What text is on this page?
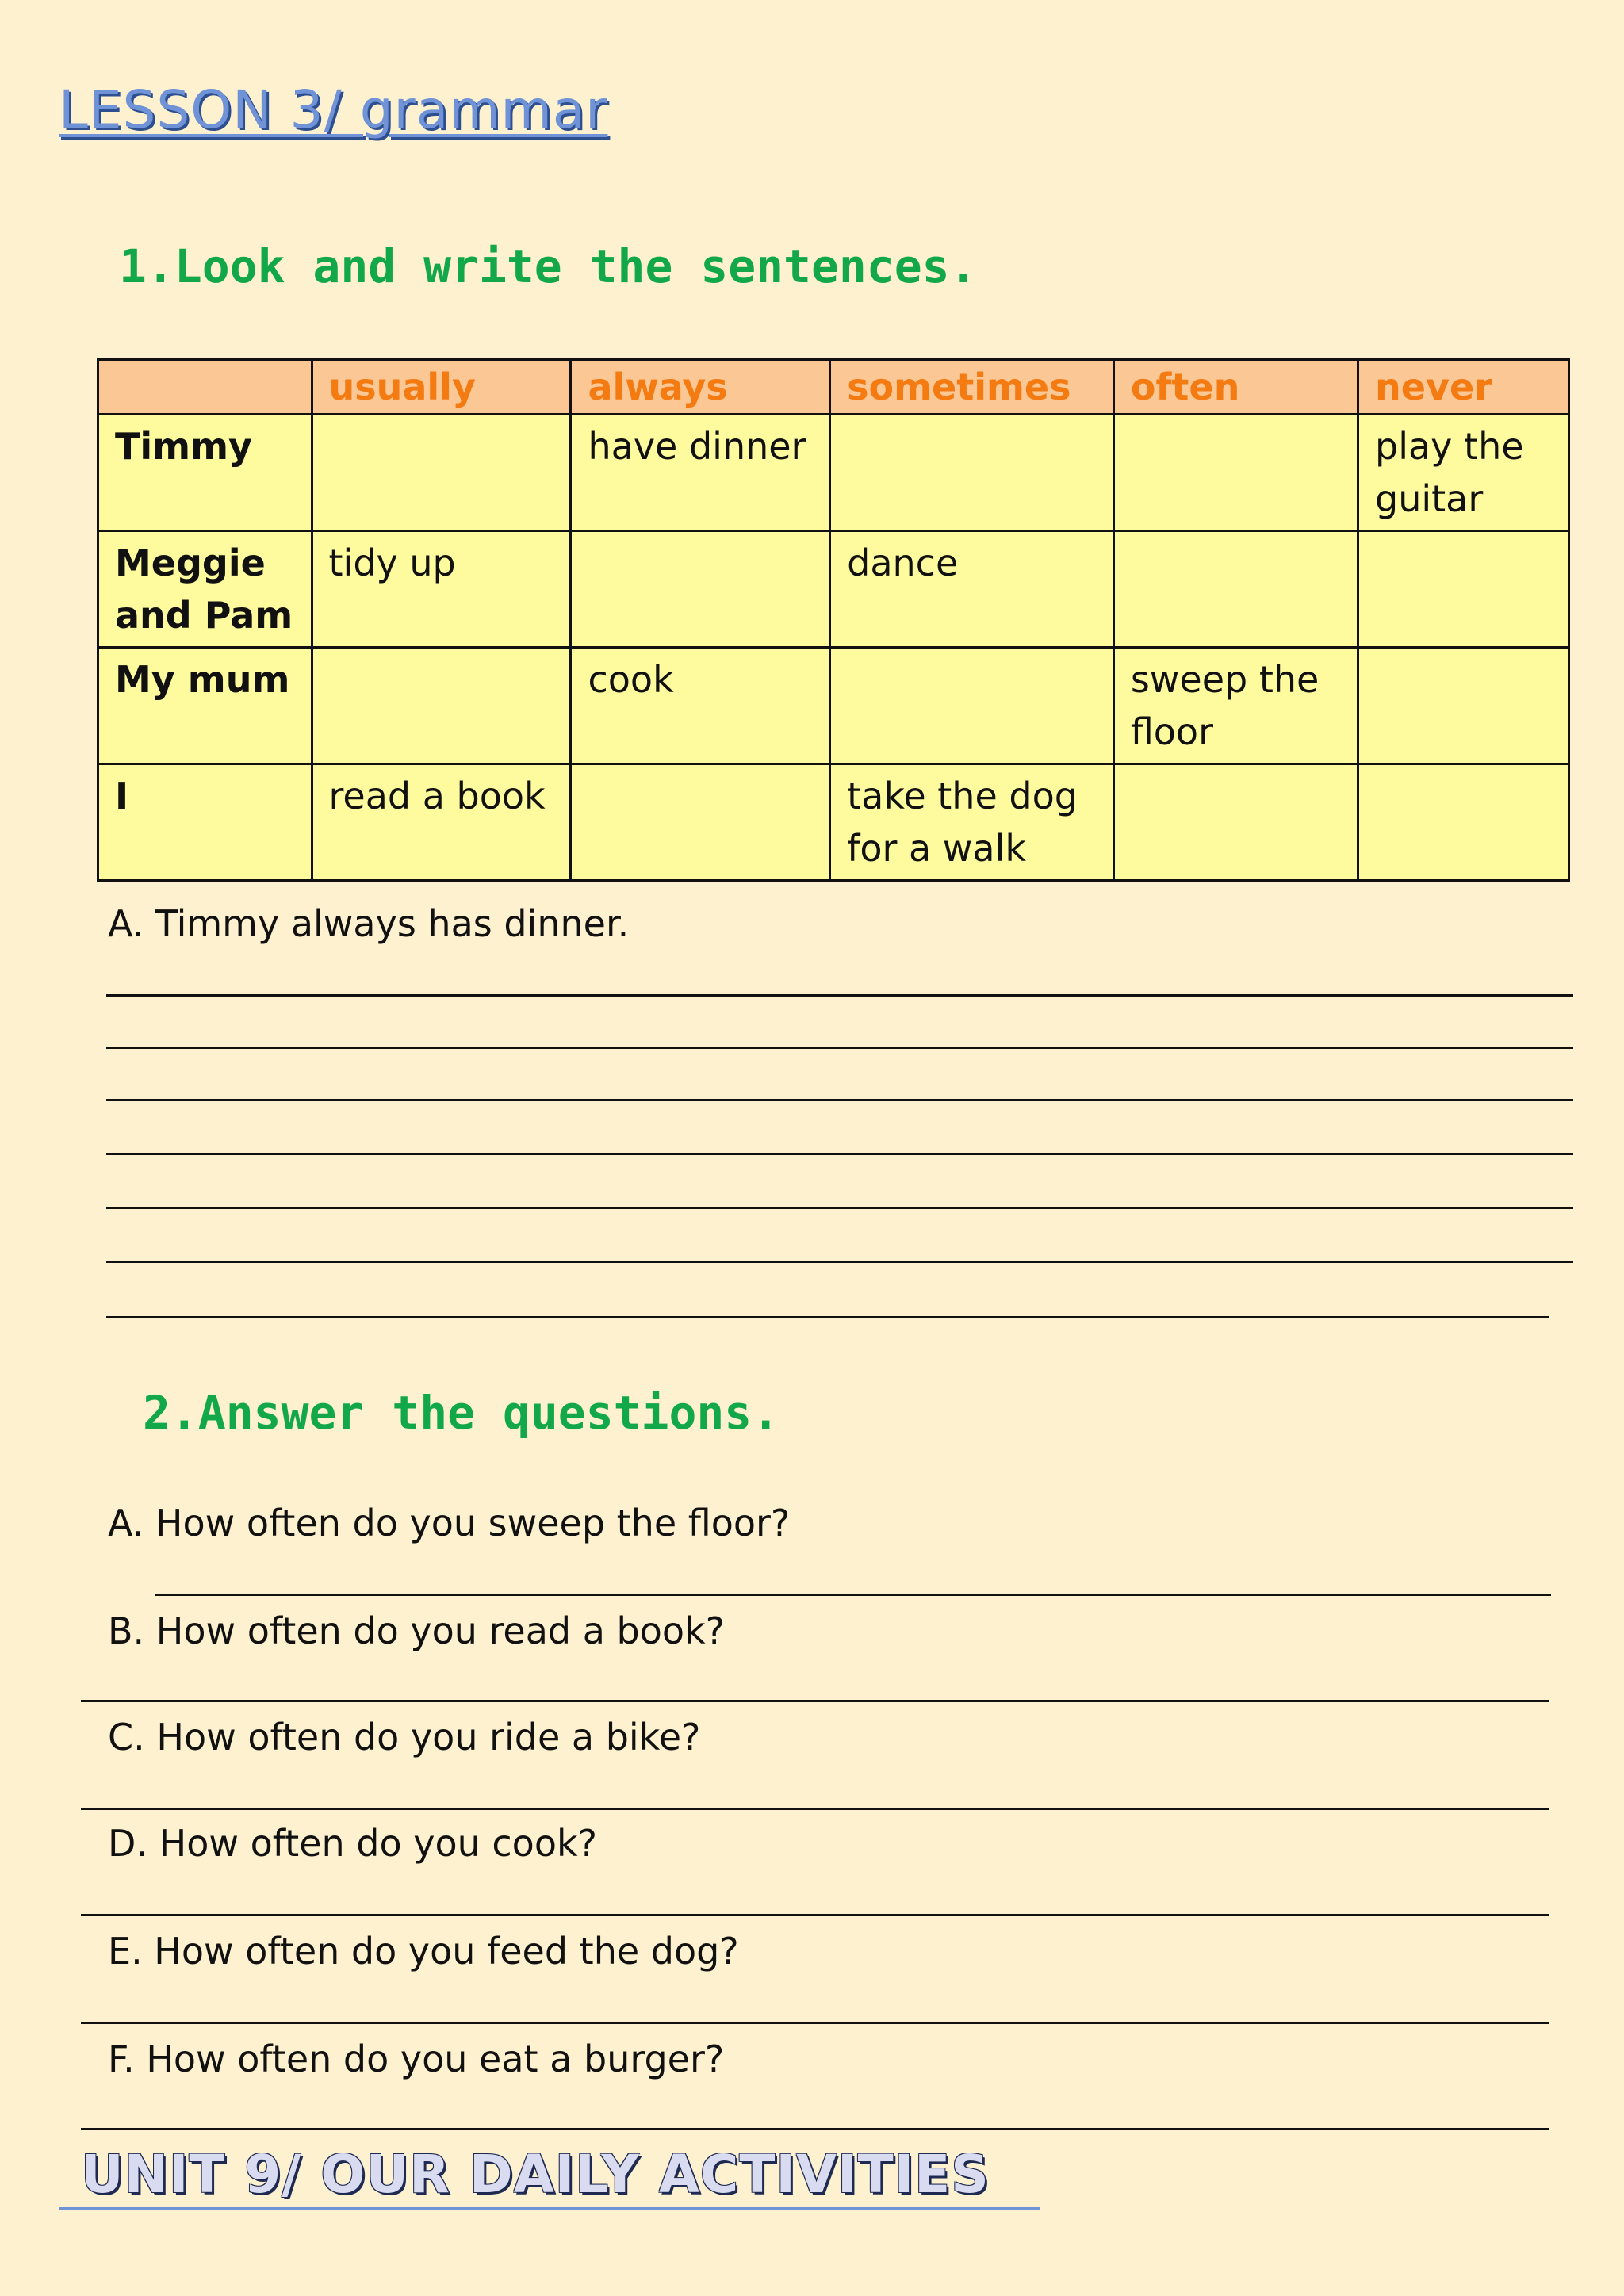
LESSON 3/ grammar
1.Look and write the sentences.
	usually	always	sometimes	often	never
Timmy		have dinner			play the guitar
Meggie and Pam	tidy up		dance		
My mum		cook		sweep the floor	
I	read a book		take the dog for a walk		
A. Timmy always has dinner.
2.Answer the questions.
A. How often do you sweep the floor?
B. How often do you read a book?
C. How often do you ride a bike?
D. How often do you cook?
E. How often do you feed the dog?
F. How often do you eat a burger?
UNIT 9/ OUR DAILY ACTIVITIES
